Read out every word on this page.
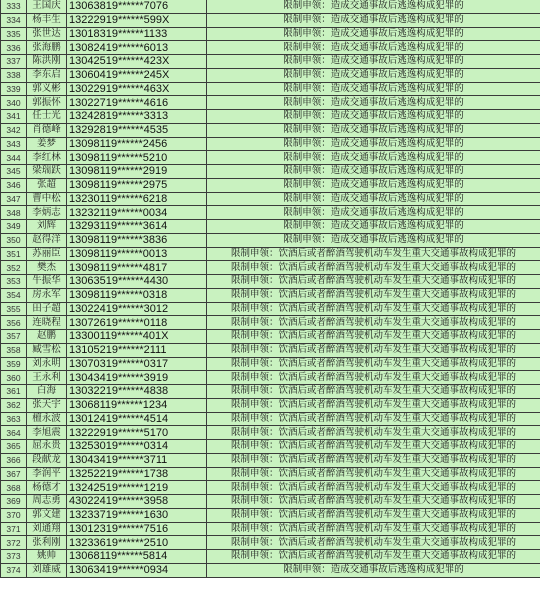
333	王国庆	13063819******7076	限制申领：造成交通事故后逃逸构成犯罪的
334	杨丰生	13222919******599X	限制申领：造成交通事故后逃逸构成犯罪的
335	张世达	13018319******1133	限制申领：造成交通事故后逃逸构成犯罪的
336	张海鹏	13082419******6013	限制申领：造成交通事故后逃逸构成犯罪的
337	陈洪刚	13042519******423X	限制申领：造成交通事故后逃逸构成犯罪的
338	李东启	13060419******245X	限制申领：造成交通事故后逃逸构成犯罪的
339	郭义彬	13022919******463X	限制申领：造成交通事故后逃逸构成犯罪的
340	郭振怀	13022719******4616	限制申领：造成交通事故后逃逸构成犯罪的
341	任士光	13242819******3313	限制申领：造成交通事故后逃逸构成犯罪的
342	肖德峰	13292819******4535	限制申领：造成交通事故后逃逸构成犯罪的
343	姜梦	13098119******2456	限制申领：造成交通事故后逃逸构成犯罪的
344	李红林	13098119******5210	限制申领：造成交通事故后逃逸构成犯罪的
345	梁瑞跃	13098119******2919	限制申领：造成交通事故后逃逸构成犯罪的
346	张超	13098119******2975	限制申领：造成交通事故后逃逸构成犯罪的
347	曹中松	13230119******6218	限制申领：造成交通事故后逃逸构成犯罪的
348	李炳志	13232119******0034	限制申领：造成交通事故后逃逸构成犯罪的
349	刘辉	13293119******3614	限制申领：造成交通事故后逃逸构成犯罪的
350	赵得洋	13098119******3836	限制申领：造成交通事故后逃逸构成犯罪的
351	苏丽臣	13098119******0013	限制申领：饮酒后或者醉酒驾驶机动车发生重大交通事故构成犯罪的
352	樊杰	13098119******4817	限制申领：饮酒后或者醉酒驾驶机动车发生重大交通事故构成犯罪的
353	牛振华	13063519******4430	限制申领：饮酒后或者醉酒驾驶机动车发生重大交通事故构成犯罪的
354	房永军	13098119******0318	限制申领：饮酒后或者醉酒驾驶机动车发生重大交通事故构成犯罪的
355	田子超	13022419******3012	限制申领：饮酒后或者醉酒驾驶机动车发生重大交通事故构成犯罪的
356	连晓程	13072619******0118	限制申领：饮酒后或者醉酒驾驶机动车发生重大交通事故构成犯罪的
357	赵鹏	13300119******401X	限制申领：饮酒后或者醉酒驾驶机动车发生重大交通事故构成犯罪的
358	臧雪松	13105219******2111	限制申领：饮酒后或者醉酒驾驶机动车发生重大交通事故构成犯罪的
359	刘永明	13070319******0317	限制申领：饮酒后或者醉酒驾驶机动车发生重大交通事故构成犯罪的
360	王永利	13043419******3919	限制申领：饮酒后或者醉酒驾驶机动车发生重大交通事故构成犯罪的
361	白海	13032219******4838	限制申领：饮酒后或者醉酒驾驶机动车发生重大交通事故构成犯罪的
362	张天宇	13068119******1234	限制申领：饮酒后或者醉酒驾驶机动车发生重大交通事故构成犯罪的
363	檀永波	13012419******4514	限制申领：饮酒后或者醉酒驾驶机动车发生重大交通事故构成犯罪的
364	李旭震	13222919******5170	限制申领：饮酒后或者醉酒驾驶机动车发生重大交通事故构成犯罪的
365	屈永贵	13253019******0314	限制申领：饮酒后或者醉酒驾驶机动车发生重大交通事故构成犯罪的
366	段献龙	13043419******3711	限制申领：饮酒后或者醉酒驾驶机动车发生重大交通事故构成犯罪的
367	李润平	13252219******1738	限制申领：饮酒后或者醉酒驾驶机动车发生重大交通事故构成犯罪的
368	杨德才	13242519******1219	限制申领：饮酒后或者醉酒驾驶机动车发生重大交通事故构成犯罪的
369	周志勇	43022419******3958	限制申领：饮酒后或者醉酒驾驶机动车发生重大交通事故构成犯罪的
370	郭文建	13233719******1630	限制申领：饮酒后或者醉酒驾驶机动车发生重大交通事故构成犯罪的
371	刘通翔	13012319******7516	限制申领：饮酒后或者醉酒驾驶机动车发生重大交通事故构成犯罪的
372	张利刚	13233619******2510	限制申领：饮酒后或者醉酒驾驶机动车发生重大交通事故构成犯罪的
373	姚帅	13068119******5814	限制申领：饮酒后或者醉酒驾驶机动车发生重大交通事故构成犯罪的
374	刘雄威	13063419******0934	限制申领：造成交通事故后逃逸构成犯罪的
